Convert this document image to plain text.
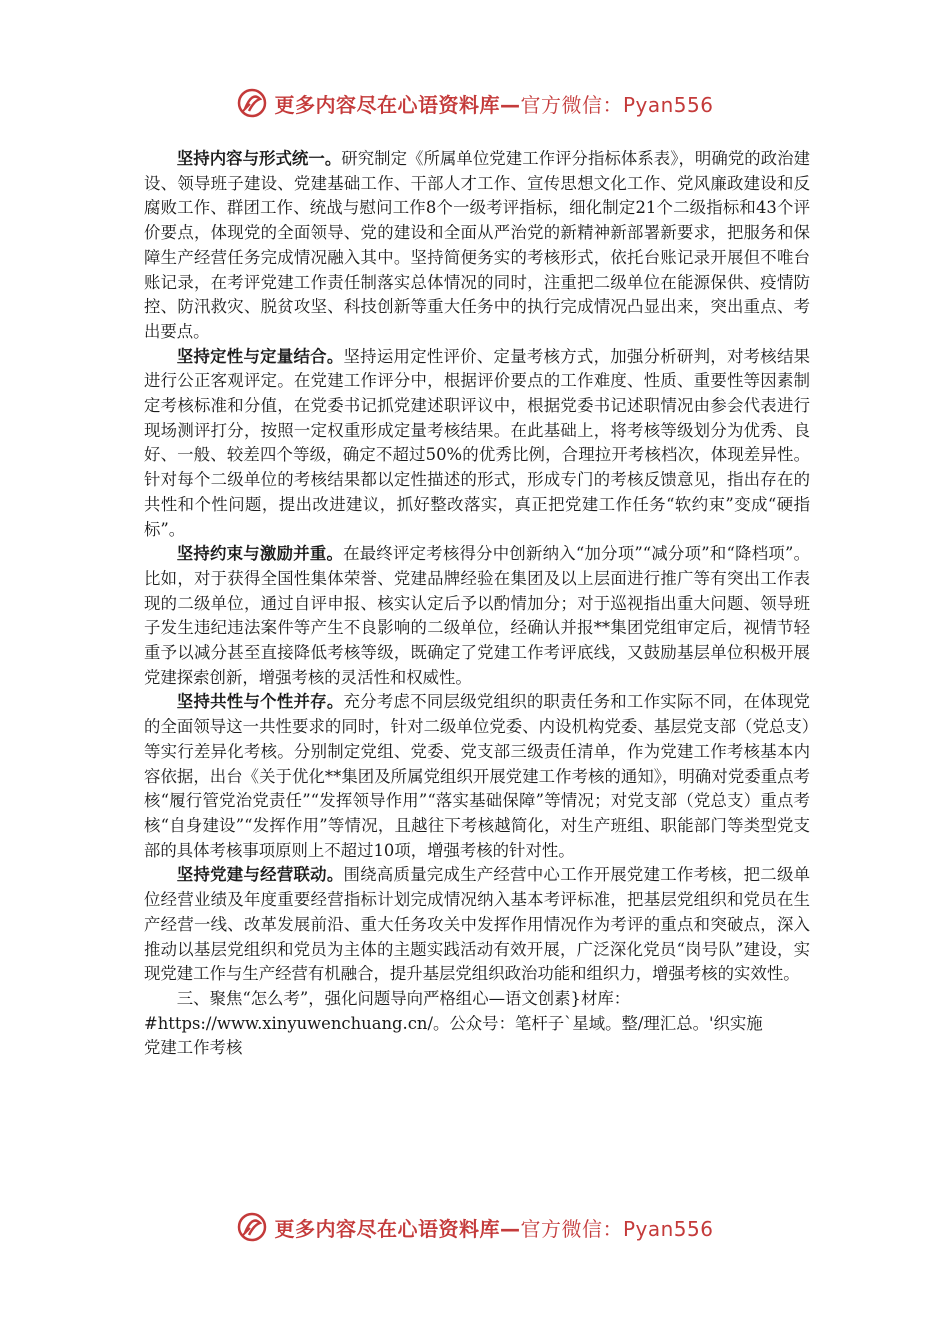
更多内容尽在心语资料库—官方微信：Pyan556

坚持内容与形式统一。研究制定《所属单位党建工作评分指标体系表》，明确党的政治建设、领导班子建设、党建基础工作、干部人才工作、宣传思想文化工作、党风廉政建设和反腐败工作、群团工作、统战与慰问工作8个一级考评指标，细化制定21个二级指标和43个评价要点，体现党的全面领导、党的建设和全面从严治党的新精神新部署新要求，把服务和保障生产经营任务完成情况融入其中。坚持简便务实的考核形式，依托台账记录开展但不唯台账记录，在考评党建工作责任制落实总体情况的同时，注重把二级单位在能源保供、疫情防控、防汛救灾、脱贫攻坚、科技创新等重大任务中的执行完成情况凸显出来，突出重点、考出要点。

坚持定性与定量结合。坚持运用定性评价、定量考核方式，加强分析研判，对考核结果进行公正客观评定。在党建工作评分中，根据评价要点的工作难度、性质、重要性等因素制定考核标准和分值，在党委书记抓党建述职评议中，根据党委书记述职情况由参会代表进行现场测评打分，按照一定权重形成定量考核结果。在此基础上，将考核等级划分为优秀、良好、一般、较差四个等级，确定不超过50%的优秀比例，合理拉开考核档次，体现差异性。针对每个二级单位的考核结果都以定性描述的形式，形成专门的考核反馈意见，指出存在的共性和个性问题，提出改进建议，抓好整改落实，真正把党建工作任务“软约束”变成“硬指标”。

坚持约束与激励并重。在最终评定考核得分中创新纳入“加分项”“减分项”和“降档项”。比如，对于获得全国性集体荣誉、党建品牌经验在集团及以上层面进行推广等有突出工作表现的二级单位，通过自评申报、核实认定后予以酌情加分；对于巡视指出重大问题、领导班子发生违纪违法案件等产生不良影响的二级单位，经确认并报**集团党组审定后，视情节轻重予以减分甚至直接降低考核等级，既确定了党建工作考评底线，又鼓励基层单位积极开展党建探索创新，增强考核的灵活性和权威性。

坚持共性与个性并存。充分考虑不同层级党组织的职责任务和工作实际不同，在体现党的全面领导这一共性要求的同时，针对二级单位党委、内设机构党委、基层党支部（党总支）等实行差异化考核。分别制定党组、党委、党支部三级责任清单，作为党建工作考核基本内容依据，出台《关于优化**集团及所属党组织开展党建工作考核的通知》，明确对党委重点考核“履行管党治党责任”“发挥领导作用”“落实基础保障”等情况；对党支部（党总支）重点考核“自身建设”“发挥作用”等情况，且越往下考核越简化，对生产班组、职能部门等类型党支部的具体考核事项原则上不超过10项，增强考核的针对性。

坚持党建与经营联动。围绕高质量完成生产经营中心工作开展党建工作考核，把二级单位经营业绩及年度重要经营指标计划完成情况纳入基本考评标准，把基层党组织和党员在生产经营一线、改革发展前沿、重大任务攻关中发挥作用情况作为考评的重点和突破点，深入推动以基层党组织和党员为主体的主题实践活动有效开展，广泛深化党员“岗号队”建设，实现党建工作与生产经营有机融合，提升基层党组织政治功能和组织力，增强考核的实效性。

三、聚焦“怎么考”，强化问题导向严格组心—语文创素}材库：
#https://www.xinyuwenchuang.cn/。公众号：笔杆子`星域。整/理汇总。'织实施
党建工作考核

更多内容尽在心语资料库—官方微信：Pyan556
